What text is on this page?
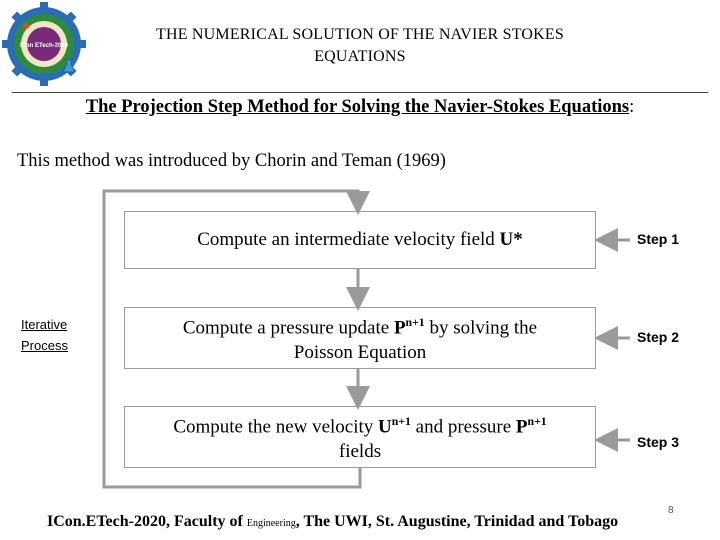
ICon ETech-2020
THE NUMERICAL SOLUTION OF THE NAVIER STOKES
EQUATIONS
The Projection Step Method for Solving the Navier-Stokes Equations:
This method was introduced by Chorin and Teman (1969)
Iterative
Process
Compute an intermediate velocity field U*
Compute a pressure update $P^{n+1}$ by solving the
Poisson Equation
Compute the new velocity $U^{n+1}$ and pressure $P^{n+1}$
fields
Step 1
Step 2
Step 3
ICon.ETech-2020, Faculty of Engineering, The UWI, St. Augustine, Trinidad and Tobago
8
